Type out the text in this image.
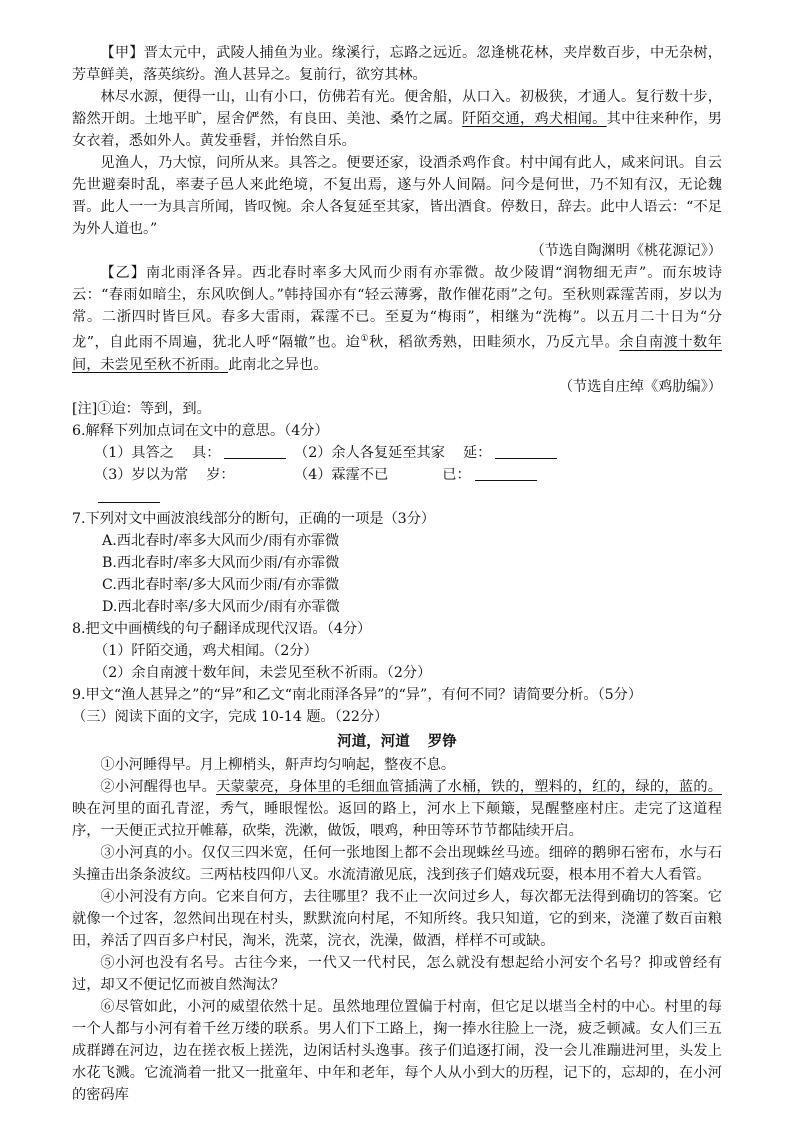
【甲】晋太元中，武陵人捕鱼为业。缘溪行，忘路之远近。忽逢桃花林，夹岸数百步，中无杂树，芳草鲜美，落英缤纷。渔人甚异之。复前行，欲穷其林。

林尽水源，便得一山，山有小口，仿佛若有光。便舍船，从口入。初极狭，才通人。复行数十步，豁然开朗。土地平旷，屋舍俨然，有良田、美池、桑竹之属。阡陌交通，鸡犬相闻。其中往来种作，男女衣着，悉如外人。黄发垂髫，并怡然自乐。

见渔人，乃大惊，问所从来。具答之。便要还家，设酒杀鸡作食。村中闻有此人，咸来问讯。自云先世避秦时乱，率妻子邑人来此绝境，不复出焉，遂与外人间隔。问今是何世，乃不知有汉，无论魏晋。此人一一为具言所闻，皆叹惋。余人各复延至其家，皆出酒食。停数日，辞去。此中人语云：“不足为外人道也。”

（节选自陶渊明《桃花源记》）

【乙】南北雨泽各异。西北春时率多大风而少雨有亦霏微。故少陵谓“润物细无声”。而东坡诗云：“春雨如暗尘，东风吹倒人。”韩持国亦有“轻云薄雾，散作催花雨”之句。至秋则霖霪苦雨，岁以为常。二浙四时皆巨风。春多大雷雨，霖霪不已。至夏为“梅雨”，相继为“洗梅”。以五月二十日为“分龙”，自此雨不周遍，犹北人呼“隔辙”也。迨①秋，稻欲秀熟，田畦须水，乃反亢旱。余自南渡十数年间，未尝见至秋不祈雨。此南北之异也。

（节选自庄绰《鸡肋编》）

[注]①迨：等到，到。

6.解释下列加点词在文中的意思。（4分）

（1）具答之 具：	（2）余人各复延至其家 延：
（3）岁以为常 岁：	（4）霖霪不已	已：

7.下列对文中画波浪线部分的断句，正确的一项是（3分）

A.西北春时/率多大风而少/雨有亦霏微

B.西北春时/率多大风而少雨/有亦霏微

C.西北春时率/多大风而少雨/有亦霏微

D.西北春时率/多大风而少/雨有亦霏微

8.把文中画横线的句子翻译成现代汉语。（4分）

（1）阡陌交通，鸡犬相闻。（2分）

（2）余自南渡十数年间，未尝见至秋不祈雨。（2分）

9.甲文“渔人甚异之”的“异”和乙文“南北雨泽各异”的“异”，有何不同？请简要分析。（5分）

（三）阅读下面的文字，完成 10-14 题。（22分）

河道，河道 罗铮

①小河睡得早。月上柳梢头，鼾声均匀响起，整夜不息。

②小河醒得也早。天蒙蒙亮，身体里的毛细血管插满了水桶，铁的，塑料的，红的，绿的，蓝的。映在河里的面孔青涩，秀气，睡眼惺忪。返回的路上，河水上下颠簸，晃醒整座村庄。走完了这道程序，一天便正式拉开帷幕，砍柴，洗漱，做饭，喂鸡，种田等环节节都陆续开启。

③小河真的小。仅仅三四米宽，任何一张地图上都不会出现蛛丝马迹。细碎的鹅卵石密布，水与石头撞击出条条波纹。三两枯枝四仰八叉。水流清澈见底，浅到孩子们嬉戏玩耍，根本用不着大人看管。

④小河没有方向。它来自何方，去往哪里？我不止一次问过乡人，每次都无法得到确切的答案。它就像一个过客，忽然间出现在村头，默默流向村尾，不知所终。我只知道，它的到来，浇灌了数百亩粮田，养活了四百多户村民，淘米，洗菜，浣衣，洗澡，做酒，样样不可或缺。

⑤小河也没有名号。古往今来，一代又一代村民，怎么就没有想起给小河安个名号？抑或曾经有过，却又不便记忆而被自然淘汰？

⑥尽管如此，小河的威望依然十足。虽然地理位置偏于村南，但它足以堪当全村的中心。村里的每一个人都与小河有着千丝万缕的联系。男人们下工路上，掬一捧水往脸上一浇，疲乏顿减。女人们三五成群蹲在河边，边在搓衣板上搓洗，边闲话村头逸事。孩子们追逐打闹，没一会儿准蹦进河里，头发上水花飞溅。它流淌着一批又一批童年、中年和老年，每个人从小到大的历程，记下的，忘却的，在小河的密码库
